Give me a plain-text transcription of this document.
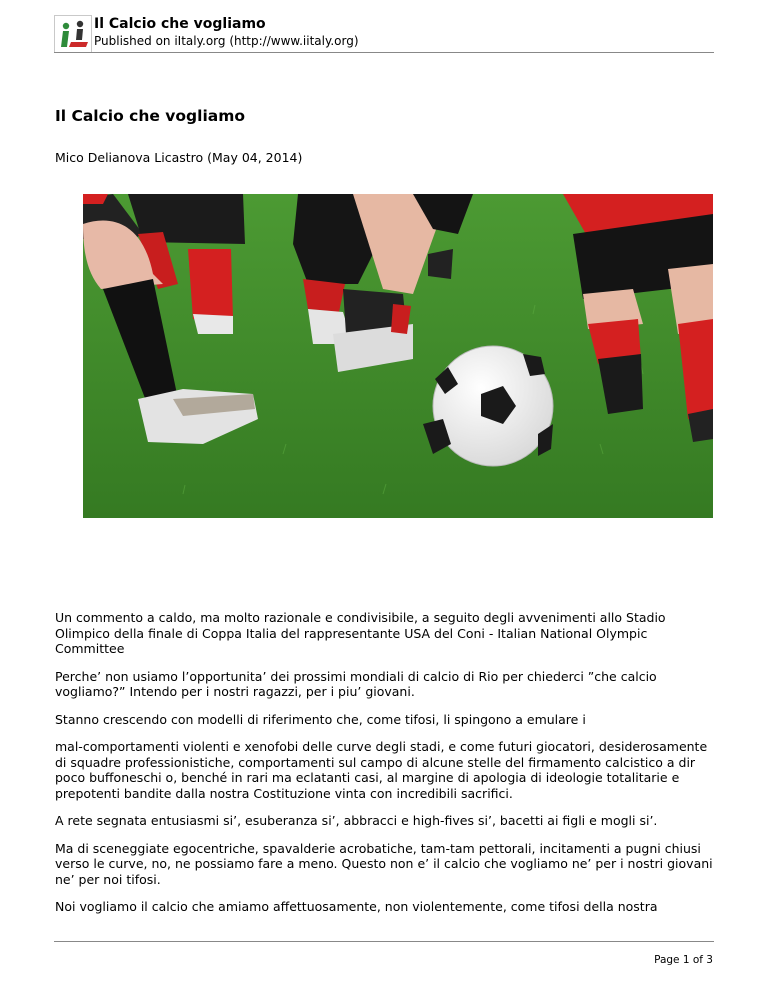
Il Calcio che vogliamo
Published on iItaly.org (http://www.iitaly.org)
Il Calcio che vogliamo
Mico Delianova Licastro (May 04, 2014)

Un commento a caldo, ma molto razionale e condivisibile, a seguito degli avvenimenti allo Stadio Olimpico della finale di Coppa Italia del rappresentante USA del Coni - Italian National Olympic Committee

Perche’ non usiamo l’opportunita’ dei prossimi mondiali di calcio di Rio per chiederci ”che calcio vogliamo?” Intendo per i nostri ragazzi, per i piu’ giovani.

Stanno crescendo con modelli di riferimento che, come tifosi, li spingono a emulare i

mal-comportamenti violenti e xenofobi delle curve degli stadi, e come futuri giocatori, desiderosamente di squadre professionistiche, comportamenti sul campo di alcune stelle del firmamento calcistico a dir poco buffoneschi o, benché in rari ma eclatanti casi, al margine di apologia di ideologie totalitarie e prepotenti bandite dalla nostra Costituzione vinta con incredibili sacrifici.

A rete segnata entusiasmi si’, esuberanza si’, abbracci e high-fives si’, bacetti ai figli e mogli si’.

Ma di sceneggiate egocentriche, spavalderie acrobatiche, tam-tam pettorali, incitamenti a pugni chiusi verso le curve, no, ne possiamo fare a meno. Questo non e’ il calcio che vogliamo ne’ per i nostri giovani ne’ per noi tifosi.

Noi vogliamo il calcio che amiamo affettuosamente, non violentemente, come tifosi della nostra

Page 1 of 3
